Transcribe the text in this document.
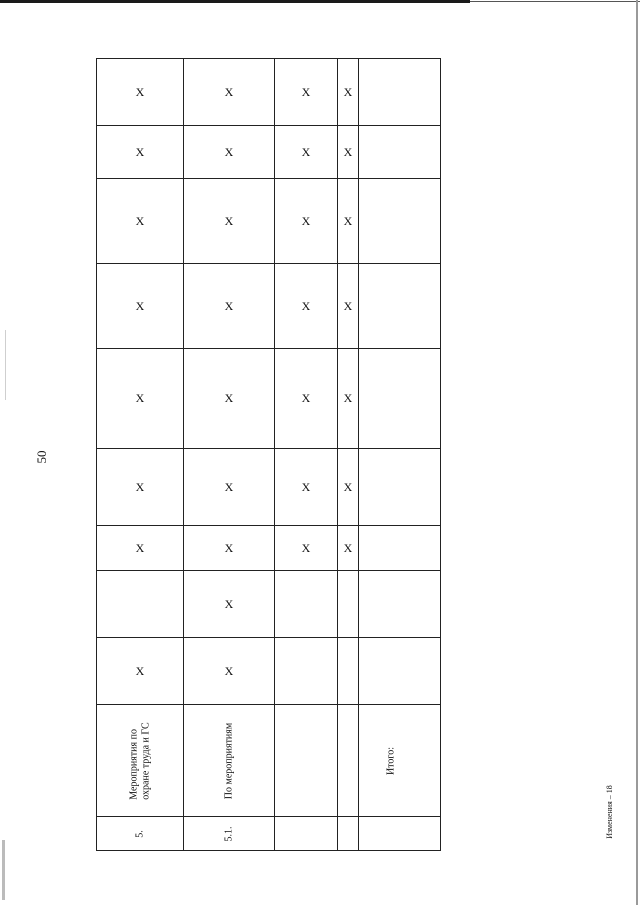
50
Изменения – 18
X	X	X	X	
X	X	X	X	
X	X	X	X	
X	X	X	X	
X	X	X	X	
X	X	X	X	
X	X	X	X	
	X			
X	X			

Мероприятия по охране труда и ГС	По мероприятиям			Итого:

5.	5.1.			
